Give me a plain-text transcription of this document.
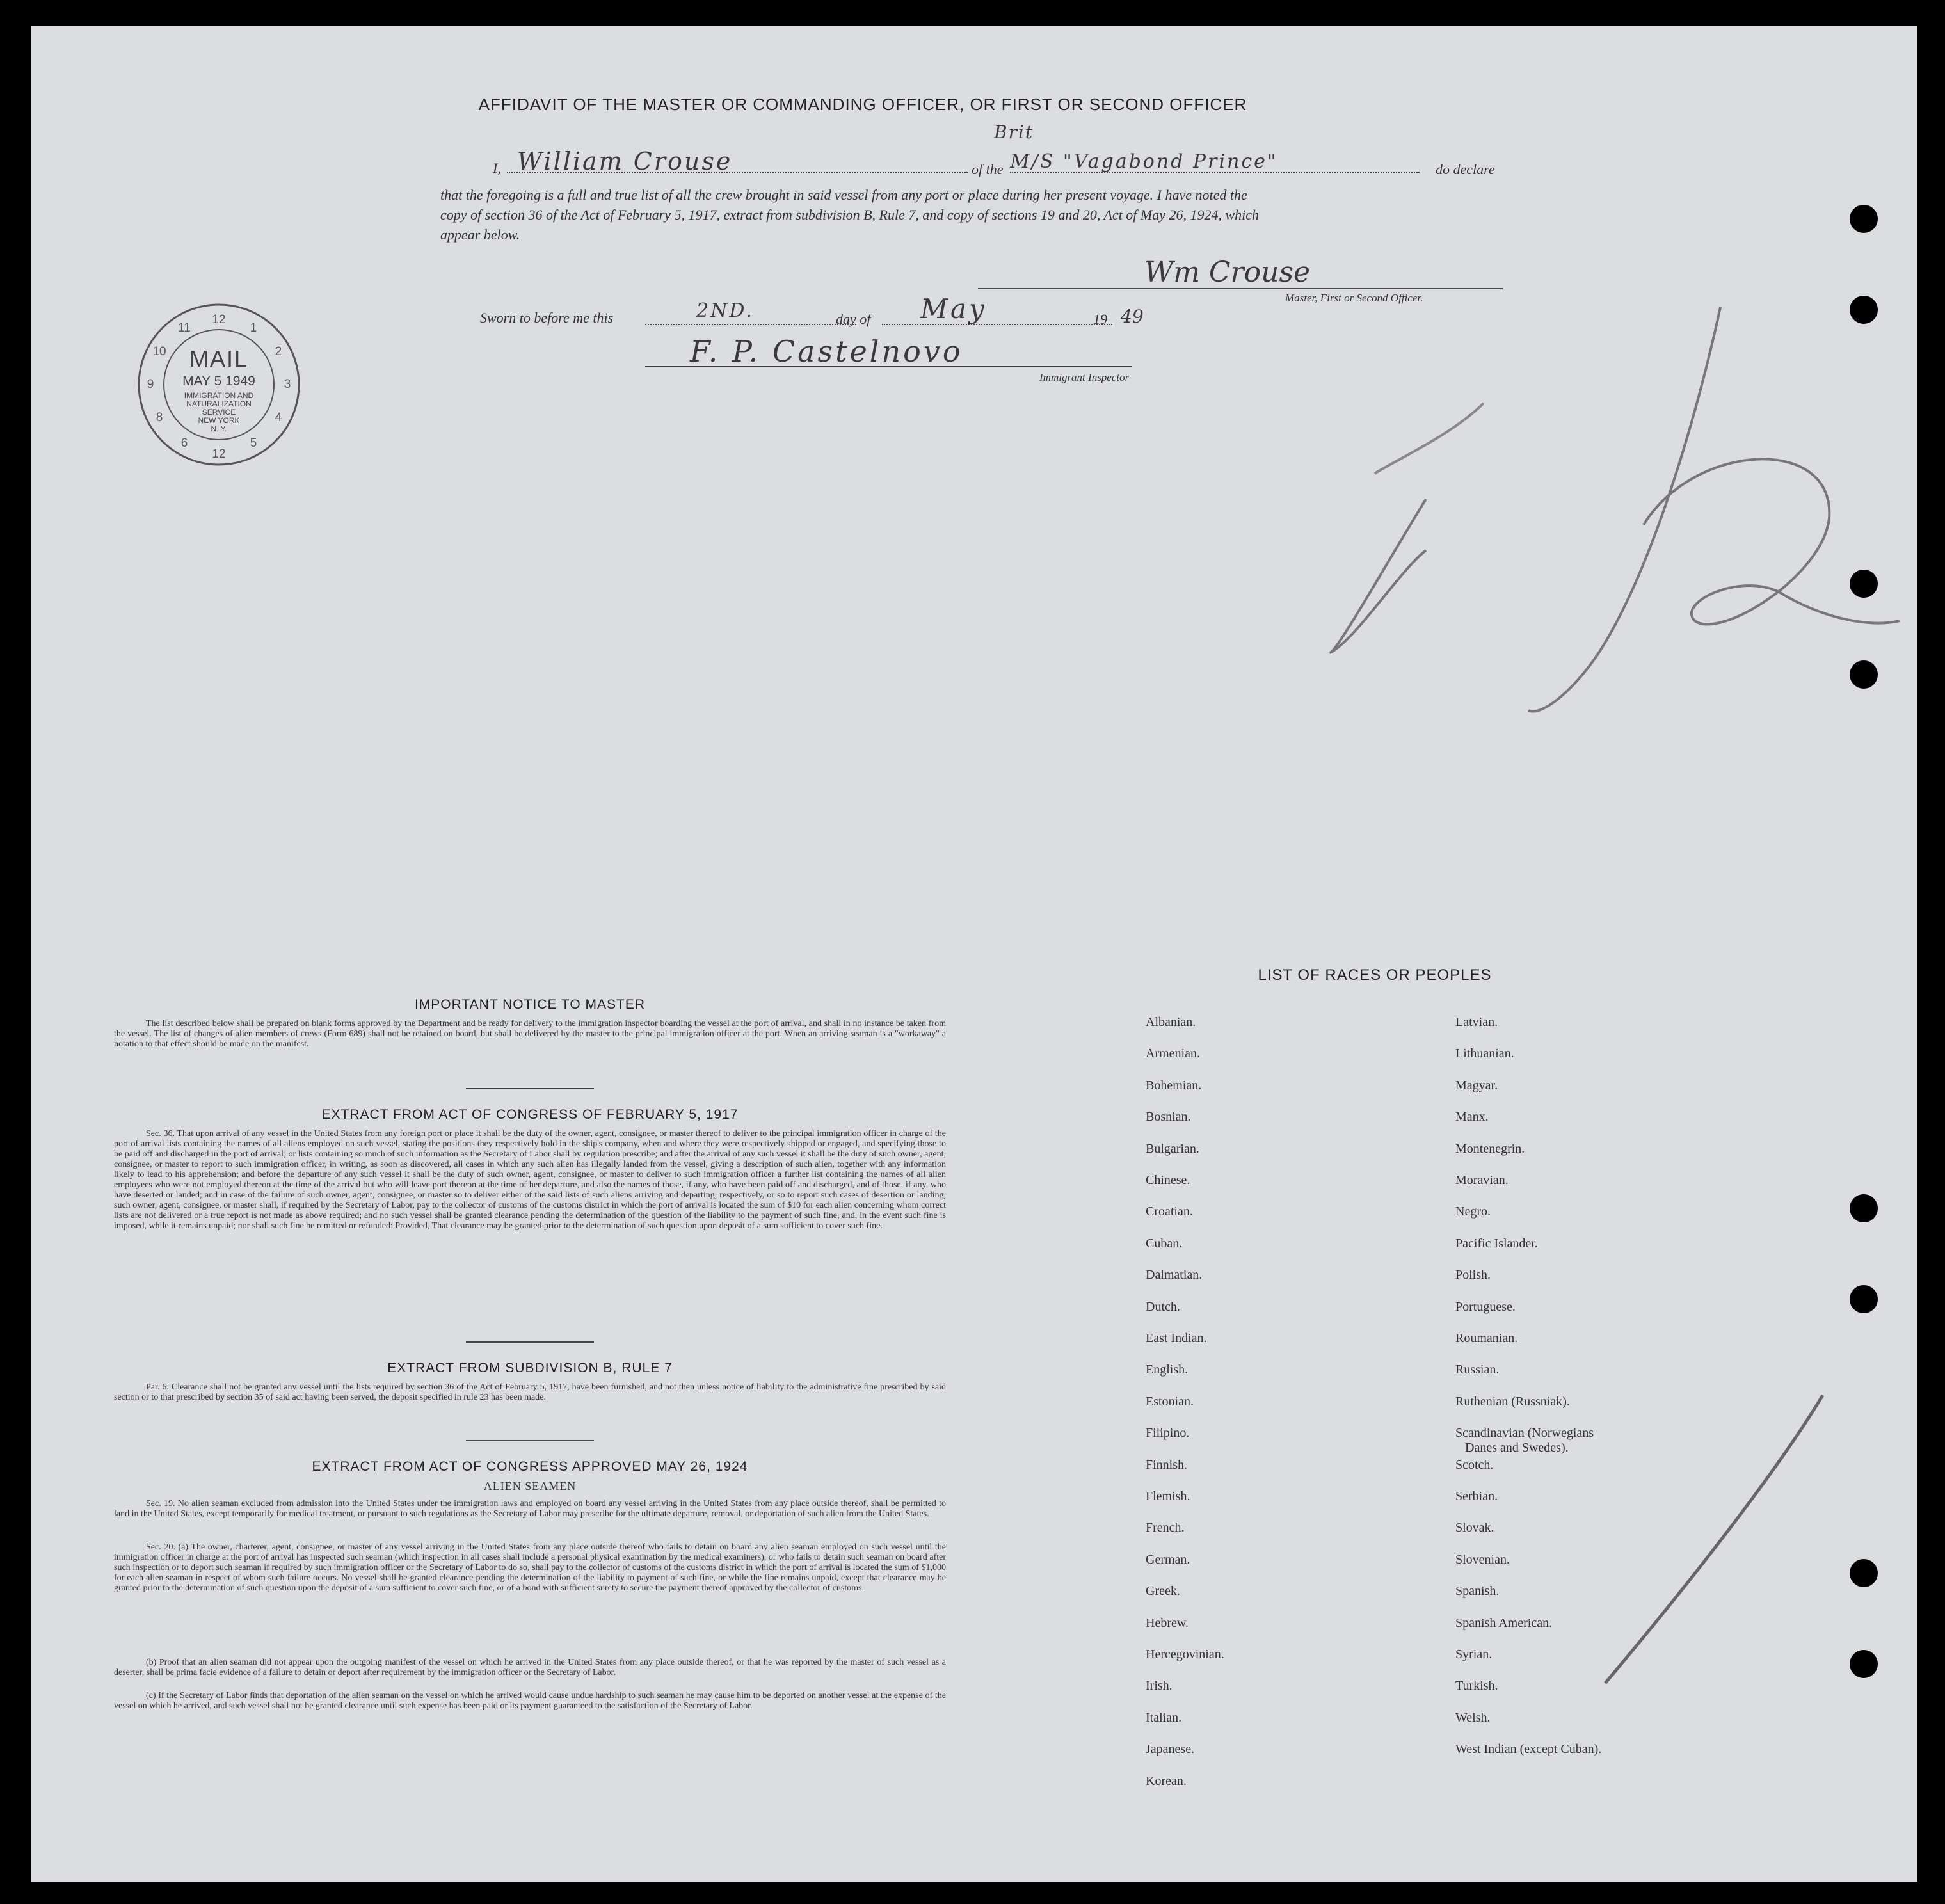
AFFIDAVIT OF THE MASTER OR COMMANDING OFFICER, OR FIRST OR SECOND OFFICER
I, William Crouse	of the
Brit
M/S "Vagabond Prince"	do declare
that the foregoing is a full and true list of all the crew brought in said vessel from any port or place during her present voyage. I have noted the
copy of section 36 of the Act of February 5, 1917, extract from subdivision B, Rule 7, and copy of sections 19 and 20, Act of May 26, 1924, which
appear below.
Wm Crouse
Master, First or Second Officer.
Sworn to before me this	2ND.	day of May	19 49
F. P. Castelnovo
Immigrant Inspector
12
1
2
3
4
5
12
6
8
9
10
11
MAIL
MAY 5 1949
IMMIGRATION AND
NATURALIZATION
SERVICE
NEW YORK
N. Y.
IMPORTANT NOTICE TO MASTER
The list described below shall be prepared on blank forms approved by the Department and be ready for delivery to the immigration inspector boarding the vessel at the port of arrival, and shall in no instance be taken from the vessel. The list of changes of alien members of crews (Form 689) shall not be retained on board, but shall be delivered by the master to the principal immigration officer at the port. When an arriving seaman is a "workaway" a notation to that effect should be made on the manifest.
EXTRACT FROM ACT OF CONGRESS OF FEBRUARY 5, 1917
Sec. 36. That upon arrival of any vessel in the United States from any foreign port or place it shall be the duty of the owner, agent, consignee, or master thereof to deliver to the principal immigration officer in charge of the port of arrival lists containing the names of all aliens employed on such vessel, stating the positions they respectively hold in the ship's company, when and where they were respectively shipped or engaged, and specifying those to be paid off and discharged in the port of arrival; or lists containing so much of such information as the Secretary of Labor shall by regulation prescribe; and after the arrival of any such vessel it shall be the duty of such owner, agent, consignee, or master to report to such immigration officer, in writing, as soon as discovered, all cases in which any such alien has illegally landed from the vessel, giving a description of such alien, together with any information likely to lead to his apprehension; and before the departure of any such vessel it shall be the duty of such owner, agent, consignee, or master to deliver to such immigration officer a further list containing the names of all alien employees who were not employed thereon at the time of the arrival but who will leave port thereon at the time of her departure, and also the names of those, if any, who have been paid off and discharged, and of those, if any, who have deserted or landed; and in case of the failure of such owner, agent, consignee, or master so to deliver either of the said lists of such aliens arriving and departing, respectively, or so to report such cases of desertion or landing, such owner, agent, consignee, or master shall, if required by the Secretary of Labor, pay to the collector of customs of the customs district in which the port of arrival is located the sum of $10 for each alien concerning whom correct lists are not delivered or a true report is not made as above required; and no such vessel shall be granted clearance pending the determination of the question of the liability to the payment of such fine, and, in the event such fine is imposed, while it remains unpaid; nor shall such fine be remitted or refunded: Provided, That clearance may be granted prior to the determination of such question upon deposit of a sum sufficient to cover such fine.
EXTRACT FROM SUBDIVISION B, RULE 7
Par. 6. Clearance shall not be granted any vessel until the lists required by section 36 of the Act of February 5, 1917, have been furnished, and not then unless notice of liability to the administrative fine prescribed by said section or to that prescribed by section 35 of said act having been served, the deposit specified in rule 23 has been made.
EXTRACT FROM ACT OF CONGRESS APPROVED MAY 26, 1924
ALIEN SEAMEN
Sec. 19. No alien seaman excluded from admission into the United States under the immigration laws and employed on board any vessel arriving in the United States from any place outside thereof, shall be permitted to land in the United States, except temporarily for medical treatment, or pursuant to such regulations as the Secretary of Labor may prescribe for the ultimate departure, removal, or deportation of such alien from the United States.
Sec. 20. (a) The owner, charterer, agent, consignee, or master of any vessel arriving in the United States from any place outside thereof who fails to detain on board any alien seaman employed on such vessel until the immigration officer in charge at the port of arrival has inspected such seaman (which inspection in all cases shall include a personal physical examination by the medical examiners), or who fails to detain such seaman on board after such inspection or to deport such seaman if required by such immigration officer or the Secretary of Labor to do so, shall pay to the collector of customs of the customs district in which the port of arrival is located the sum of $1,000 for each alien seaman in respect of whom such failure occurs. No vessel shall be granted clearance pending the determination of the liability to payment of such fine, or while the fine remains unpaid, except that clearance may be granted prior to the determination of such question upon the deposit of a sum sufficient to cover such fine, or of a bond with sufficient surety to secure the payment thereof approved by the collector of customs.
(b) Proof that an alien seaman did not appear upon the outgoing manifest of the vessel on which he arrived in the United States from any place outside thereof, or that he was reported by the master of such vessel as a deserter, shall be prima facie evidence of a failure to detain or deport after requirement by the immigration officer or the Secretary of Labor.
(c) If the Secretary of Labor finds that deportation of the alien seaman on the vessel on which he arrived would cause undue hardship to such seaman he may cause him to be deported on another vessel at the expense of the vessel on which he arrived, and such vessel shall not be granted clearance until such expense has been paid or its payment guaranteed to the satisfaction of the Secretary of Labor.
LIST OF RACES OR PEOPLES
Albanian.
Armenian.
Bohemian.
Bosnian.
Bulgarian.
Chinese.
Croatian.
Cuban.
Dalmatian.
Dutch.
East Indian.
English.
Estonian.
Filipino.
Finnish.
Flemish.
French.
German.
Greek.
Hebrew.
Hercegovinian.
Irish.
Italian.
Japanese.
Korean.
Latvian.
Lithuanian.
Magyar.
Manx.
Montenegrin.
Moravian.
Negro.
Pacific Islander.
Polish.
Portuguese.
Roumanian.
Russian.
Ruthenian (Russniak).
Scandinavian (Norwegians
Danes and Swedes).
Scotch.
Serbian.
Slovak.
Slovenian.
Spanish.
Spanish American.
Syrian.
Turkish.
Welsh.
West Indian (except Cuban).
